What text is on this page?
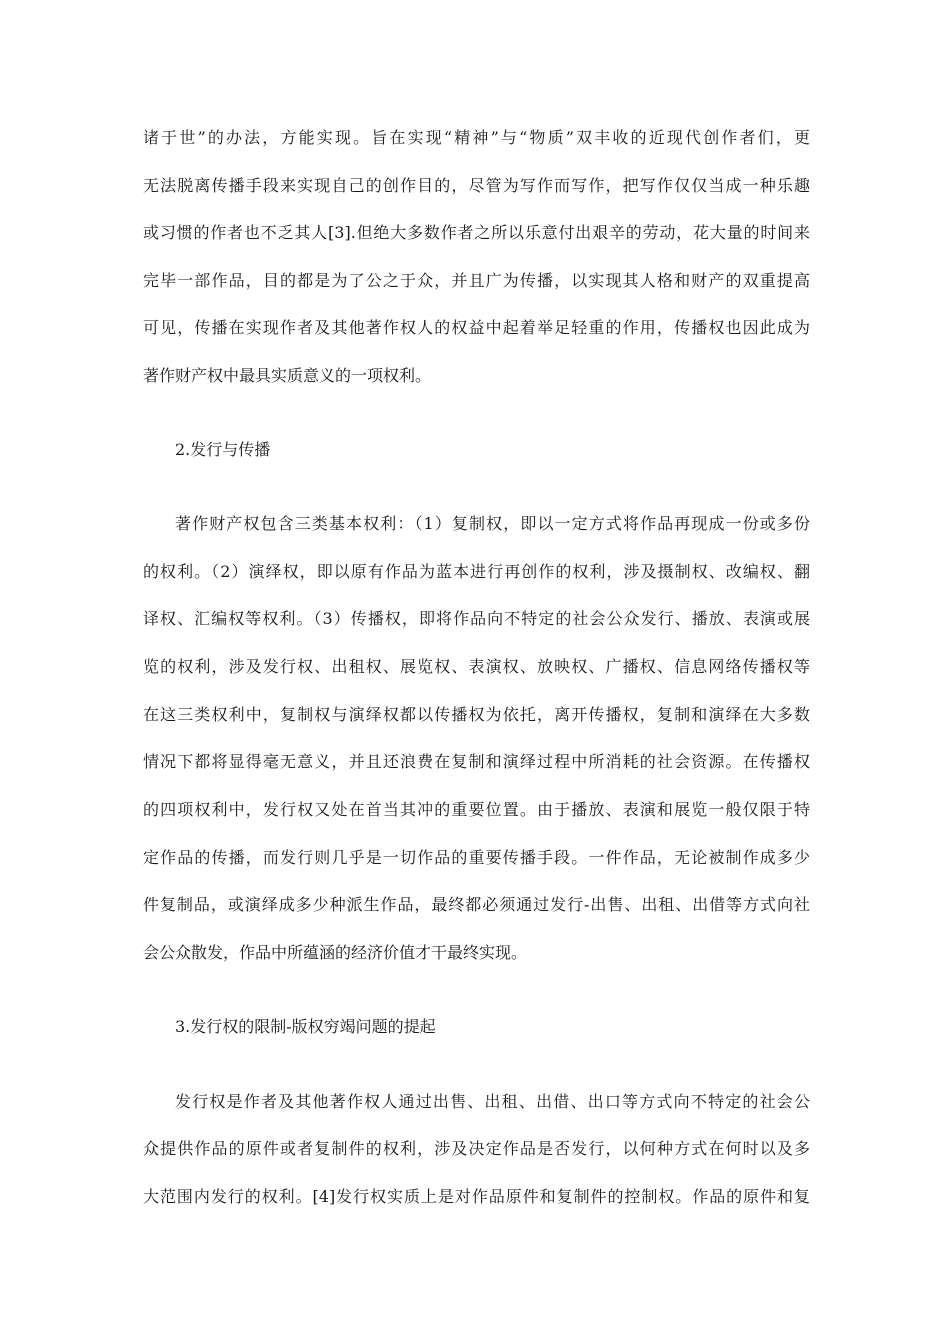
诸于世”的办法，方能实现。旨在实现“精神”与“物质”双丰收的近现代创作者们，更
无法脱离传播手段来实现自己的创作目的，尽管为写作而写作，把写作仅仅当成一种乐趣
或习惯的作者也不乏其人[3].但绝大多数作者之所以乐意付出艰辛的劳动，花大量的时间来
完毕一部作品，目的都是为了公之于众，并且广为传播，以实现其人格和财产的双重提高
可见，传播在实现作者及其他著作权人的权益中起着举足轻重的作用，传播权也因此成为
著作财产权中最具实质意义的一项权利。
2.发行与传播
著作财产权包含三类基本权利：（1）复制权，即以一定方式将作品再现成一份或多份
的权利。（2）演绎权，即以原有作品为蓝本进行再创作的权利，涉及摄制权、改编权、翻
译权、汇编权等权利。（3）传播权，即将作品向不特定的社会公众发行、播放、表演或展
览的权利，涉及发行权、出租权、展览权、表演权、放映权、广播权、信息网络传播权等
在这三类权利中，复制权与演绎权都以传播权为依托，离开传播权，复制和演绎在大多数
情况下都将显得毫无意义，并且还浪费在复制和演绎过程中所消耗的社会资源。在传播权
的四项权利中，发行权又处在首当其冲的重要位置。由于播放、表演和展览一般仅限于特
定作品的传播，而发行则几乎是一切作品的重要传播手段。一件作品，无论被制作成多少
件复制品，或演绎成多少种派生作品，最终都必须通过发行-出售、出租、出借等方式向社
会公众散发，作品中所蕴涵的经济价值才干最终实现。
3.发行权的限制-版权穷竭问题的提起
发行权是作者及其他著作权人通过出售、出租、出借、出口等方式向不特定的社会公
众提供作品的原件或者复制件的权利，涉及决定作品是否发行，以何种方式在何时以及多
大范围内发行的权利。[4]发行权实质上是对作品原件和复制件的控制权。作品的原件和复
